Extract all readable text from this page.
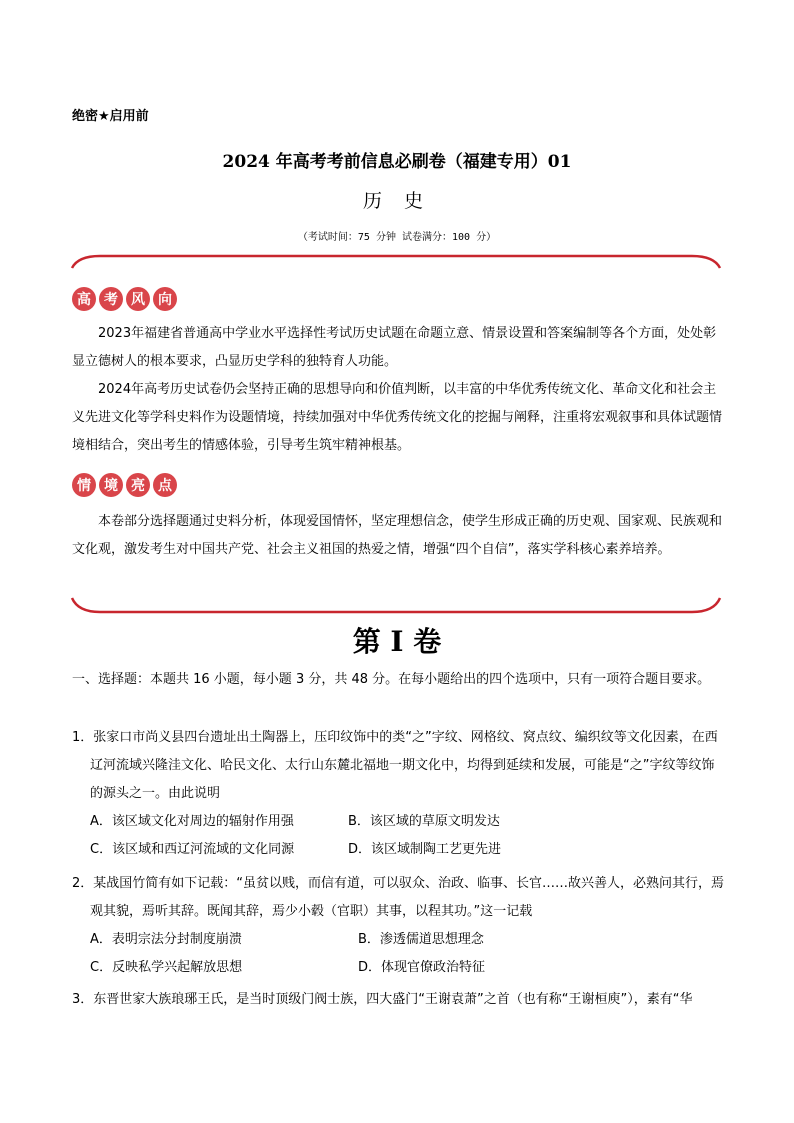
绝密★启用前
2024 年高考考前信息必刷卷（福建专用）01
历 史
（考试时间：75 分钟 试卷满分：100 分）
高 考 风 向

2023年福建省普通高中学业水平选择性考试历史试题在命题立意、情景设置和答案编制等各个方面，处处彰显立德树人的根本要求，凸显历史学科的独特育人功能。

2024年高考历史试卷仍会坚持正确的思想导向和价值判断，以丰富的中华优秀传统文化、革命文化和社会主义先进文化等学科史料作为设题情境，持续加强对中华优秀传统文化的挖掘与阐释，注重将宏观叙事和具体试题情境相结合，突出考生的情感体验，引导考生筑牢精神根基。

情 境 亮 点

本卷部分选择题通过史料分析，体现爱国情怀，坚定理想信念，使学生形成正确的历史观、国家观、民族观和文化观，激发考生对中国共产党、社会主义祖国的热爱之情，增强“四个自信”，落实学科核心素养培养。

第 I 卷
一、选择题：本题共 16 小题，每小题 3 分，共 48 分。在每小题给出的四个选项中，只有一项符合题目要求。
1．张家口市尚义县四台遗址出土陶器上，压印纹饰中的类“之”字纹、网格纹、窝点纹、编织纹等文化因素，在西辽河流域兴隆洼文化、哈民文化、太行山东麓北福地一期文化中，均得到延续和发展，可能是“之”字纹等纹饰的源头之一。由此说明
A．该区域文化对周边的辐射作用强	B．该区域的草原文明发达
C．该区域和西辽河流域的文化同源	D．该区域制陶工艺更先进
2．某战国竹简有如下记载：“虽贫以贱，而信有道，可以驭众、治政、临事、长官……故兴善人，必熟问其行，焉观其貌，焉听其辞。既闻其辞，焉少小毂（官职）其事，以程其功。”这一记载
A．表明宗法分封制度崩溃	B．渗透儒道思想理念
C．反映私学兴起解放思想	D．体现官僚政治特征
3．东晋世家大族琅琊王氏，是当时顶级门阀士族，四大盛门“王谢袁萧”之首（也有称“王谢桓庾”），素有“华
